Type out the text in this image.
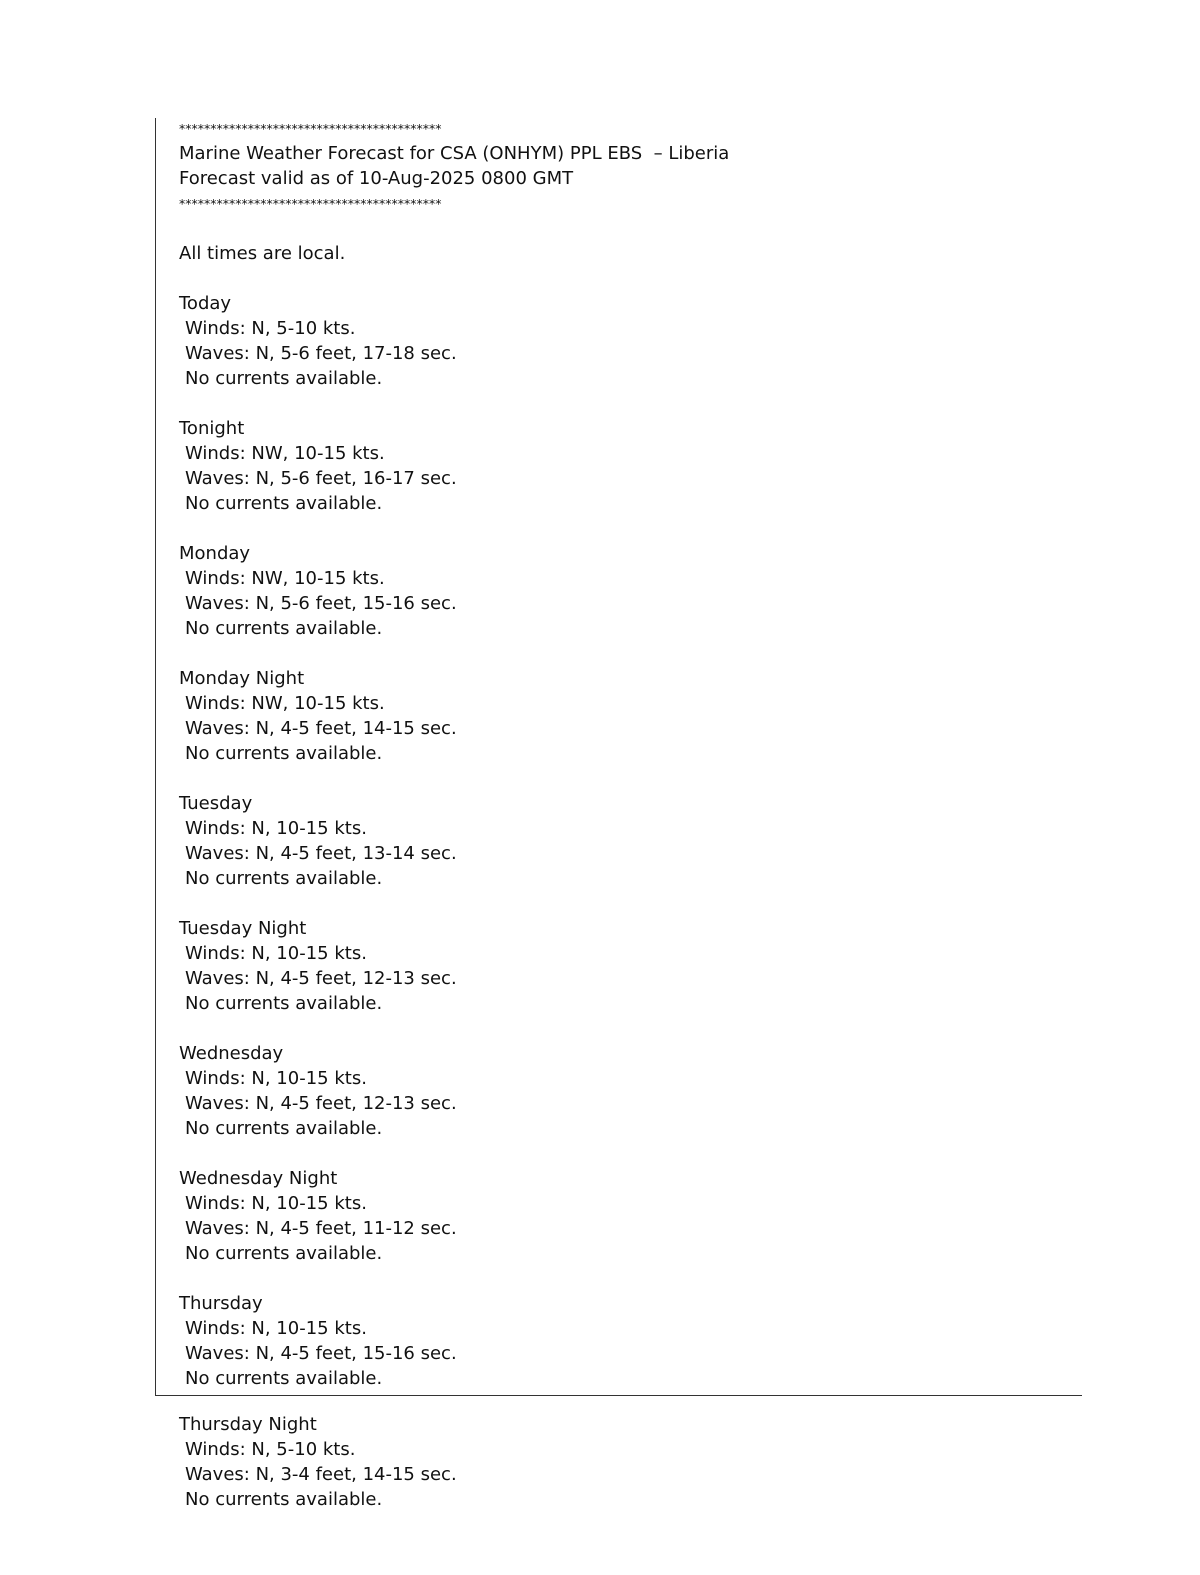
******************************************
Marine Weather Forecast for CSA (ONHYM) PPL EBS  – Liberia
Forecast valid as of 10-Aug-2025 0800 GMT
******************************************
All times are local.
Today
Winds: N, 5-10 kts.
Waves: N, 5-6 feet, 17-18 sec.
No currents available.
Tonight
Winds: NW, 10-15 kts.
Waves: N, 5-6 feet, 16-17 sec.
No currents available.
Monday
Winds: NW, 10-15 kts.
Waves: N, 5-6 feet, 15-16 sec.
No currents available.
Monday Night
Winds: NW, 10-15 kts.
Waves: N, 4-5 feet, 14-15 sec.
No currents available.
Tuesday
Winds: N, 10-15 kts.
Waves: N, 4-5 feet, 13-14 sec.
No currents available.
Tuesday Night
Winds: N, 10-15 kts.
Waves: N, 4-5 feet, 12-13 sec.
No currents available.
Wednesday
Winds: N, 10-15 kts.
Waves: N, 4-5 feet, 12-13 sec.
No currents available.
Wednesday Night
Winds: N, 10-15 kts.
Waves: N, 4-5 feet, 11-12 sec.
No currents available.
Thursday
Winds: N, 10-15 kts.
Waves: N, 4-5 feet, 15-16 sec.
No currents available.
Thursday Night
Winds: N, 5-10 kts.
Waves: N, 3-4 feet, 14-15 sec.
No currents available.
